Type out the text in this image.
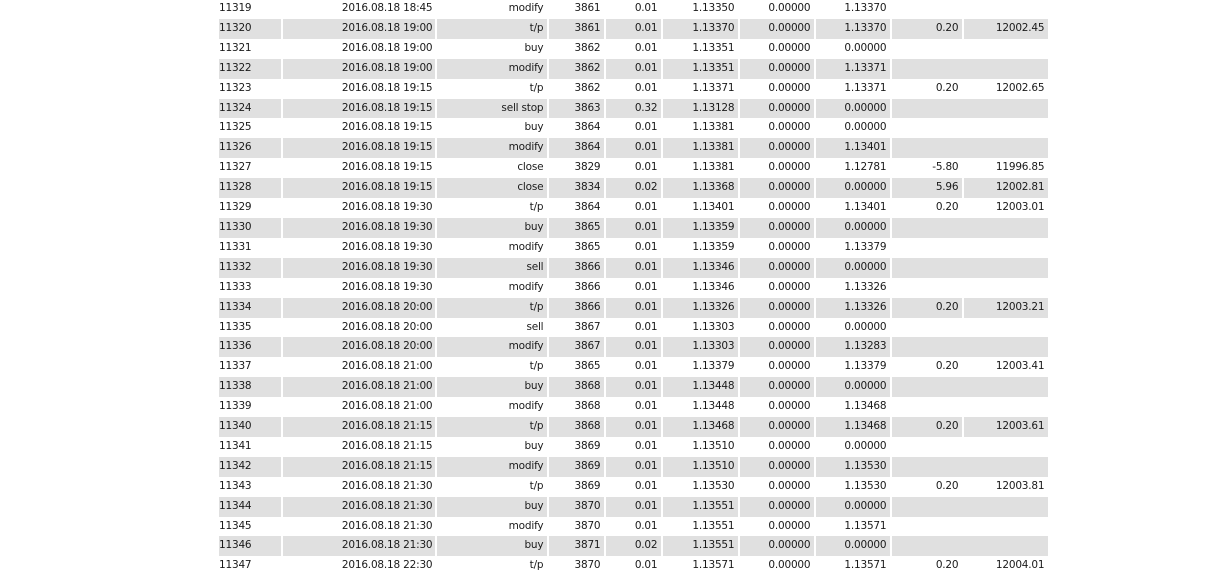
11319	2016.08.18 18:45	modify	3861	0.01	1.13350	0.00000	1.13370		
11320	2016.08.18 19:00	t/p	3861	0.01	1.13370	0.00000	1.13370	0.20	12002.45
11321	2016.08.18 19:00	buy	3862	0.01	1.13351	0.00000	0.00000		
11322	2016.08.18 19:00	modify	3862	0.01	1.13351	0.00000	1.13371		
11323	2016.08.18 19:15	t/p	3862	0.01	1.13371	0.00000	1.13371	0.20	12002.65
11324	2016.08.18 19:15	sell stop	3863	0.32	1.13128	0.00000	0.00000		
11325	2016.08.18 19:15	buy	3864	0.01	1.13381	0.00000	0.00000		
11326	2016.08.18 19:15	modify	3864	0.01	1.13381	0.00000	1.13401		
11327	2016.08.18 19:15	close	3829	0.01	1.13381	0.00000	1.12781	-5.80	11996.85
11328	2016.08.18 19:15	close	3834	0.02	1.13368	0.00000	0.00000	5.96	12002.81
11329	2016.08.18 19:30	t/p	3864	0.01	1.13401	0.00000	1.13401	0.20	12003.01
11330	2016.08.18 19:30	buy	3865	0.01	1.13359	0.00000	0.00000		
11331	2016.08.18 19:30	modify	3865	0.01	1.13359	0.00000	1.13379		
11332	2016.08.18 19:30	sell	3866	0.01	1.13346	0.00000	0.00000		
11333	2016.08.18 19:30	modify	3866	0.01	1.13346	0.00000	1.13326		
11334	2016.08.18 20:00	t/p	3866	0.01	1.13326	0.00000	1.13326	0.20	12003.21
11335	2016.08.18 20:00	sell	3867	0.01	1.13303	0.00000	0.00000		
11336	2016.08.18 20:00	modify	3867	0.01	1.13303	0.00000	1.13283		
11337	2016.08.18 21:00	t/p	3865	0.01	1.13379	0.00000	1.13379	0.20	12003.41
11338	2016.08.18 21:00	buy	3868	0.01	1.13448	0.00000	0.00000		
11339	2016.08.18 21:00	modify	3868	0.01	1.13448	0.00000	1.13468		
11340	2016.08.18 21:15	t/p	3868	0.01	1.13468	0.00000	1.13468	0.20	12003.61
11341	2016.08.18 21:15	buy	3869	0.01	1.13510	0.00000	0.00000		
11342	2016.08.18 21:15	modify	3869	0.01	1.13510	0.00000	1.13530		
11343	2016.08.18 21:30	t/p	3869	0.01	1.13530	0.00000	1.13530	0.20	12003.81
11344	2016.08.18 21:30	buy	3870	0.01	1.13551	0.00000	0.00000		
11345	2016.08.18 21:30	modify	3870	0.01	1.13551	0.00000	1.13571		
11346	2016.08.18 21:30	buy	3871	0.02	1.13551	0.00000	0.00000		
11347	2016.08.18 22:30	t/p	3870	0.01	1.13571	0.00000	1.13571	0.20	12004.01
